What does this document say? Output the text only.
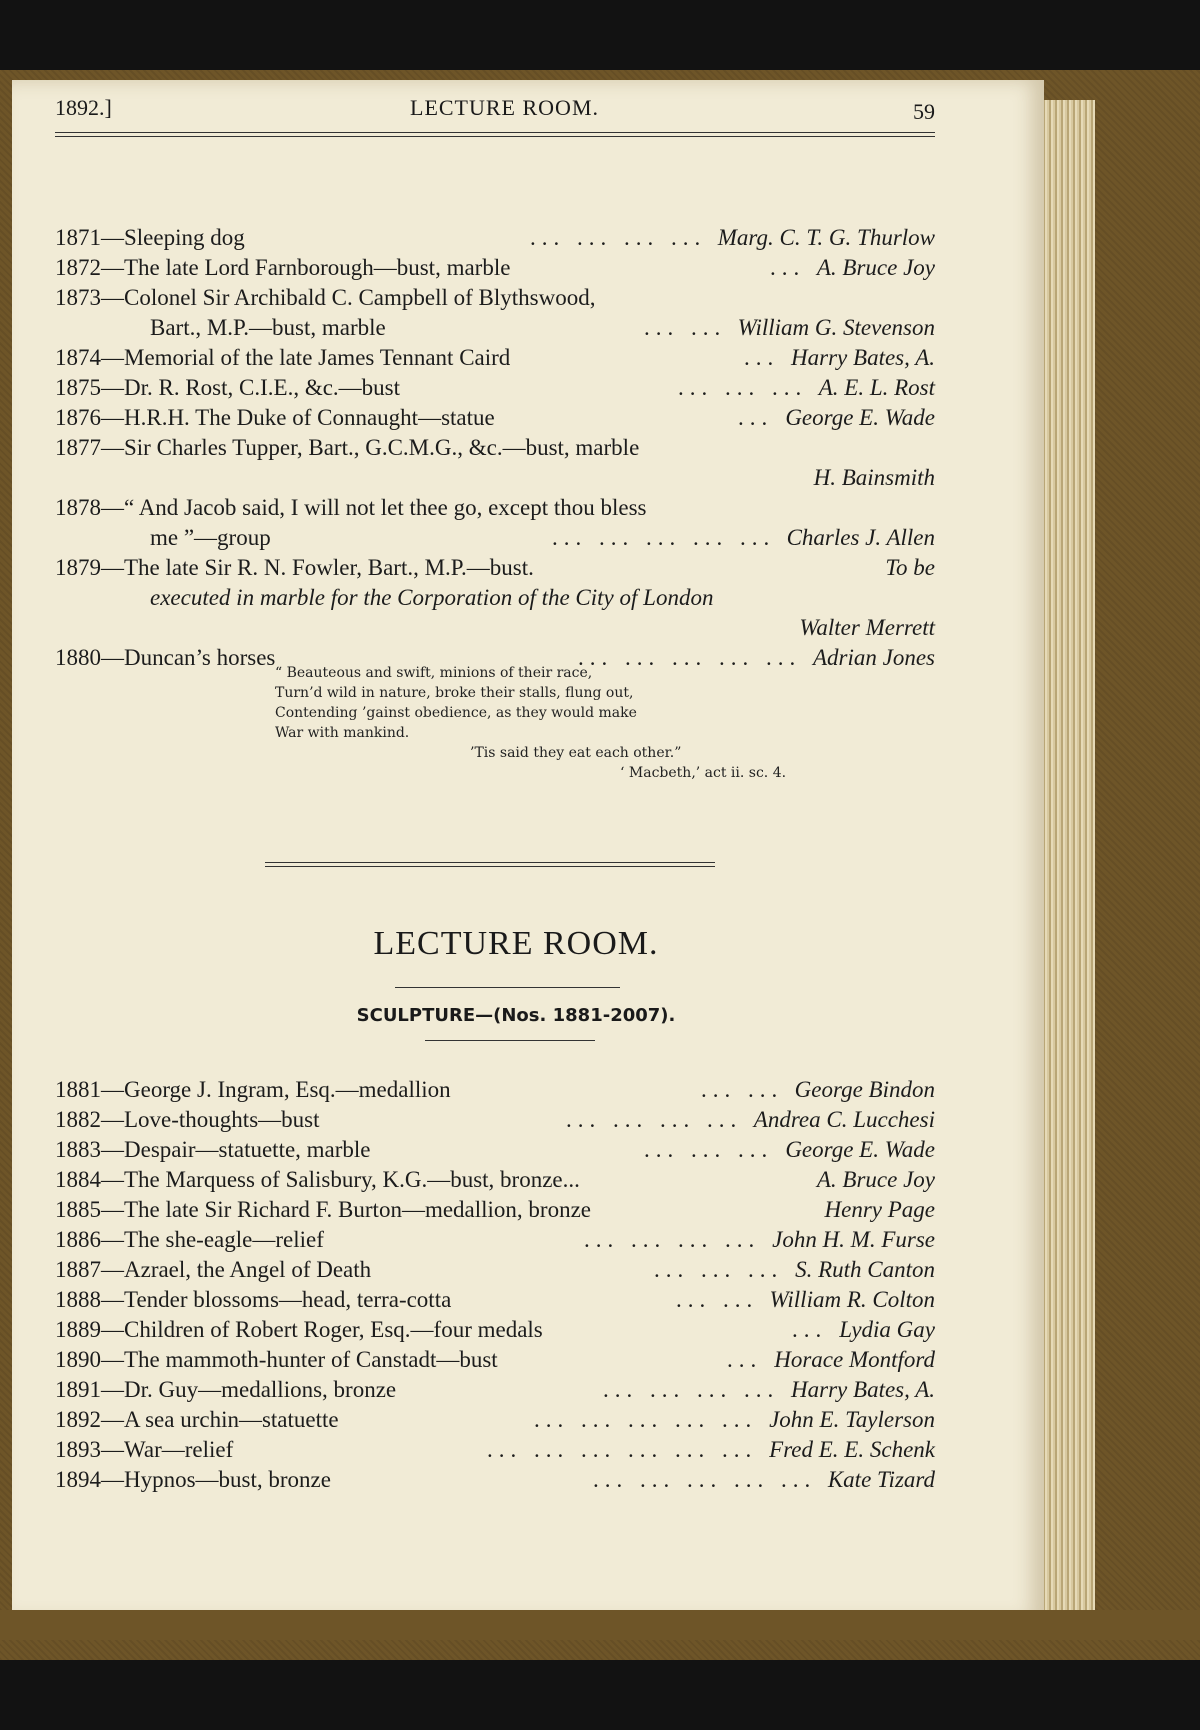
1892.]	LECTURE ROOM.	59
1871—Sleeping dog	... ... ... ... Marg. C. T. G. Thurlow
1872—The late Lord Farnborough—bust, marble	... A. Bruce Joy
1873—Colonel Sir Archibald C. Campbell of Blythswood,
Bart., M.P.—bust, marble	... ... William G. Stevenson
1874—Memorial of the late James Tennant Caird	... Harry Bates, A.
1875—Dr. R. Rost, C.I.E., &c.—bust	... ... ... A. E. L. Rost
1876—H.R.H. The Duke of Connaught—statue	... George E. Wade
1877—Sir Charles Tupper, Bart., G.C.M.G., &c.—bust, marble
H. Bainsmith
1878—“ And Jacob said, I will not let thee go, except thou bless
me ”—group	... ... ... ... ... Charles J. Allen
1879—The late Sir R. N. Fowler, Bart., M.P.—bust.	To be
executed in marble for the Corporation of the City of London
Walter Merrett
1880—Duncan’s horses	... ... ... ... ... Adrian Jones
“ Beauteous and swift, minions of their race,
Turn’d wild in nature, broke their stalls, flung out,
Contending ’gainst obedience, as they would make
War with mankind.
’Tis said they eat each other.”
‘ Macbeth,’ act ii. sc. 4.
LECTURE ROOM.
SCULPTURE—(Nos. 1881-2007).
1881—George J. Ingram, Esq.—medallion	... ... George Bindon
1882—Love-thoughts—bust	... ... ... ... Andrea C. Lucchesi
1883—Despair—statuette, marble	... ... ... George E. Wade
1884—The Marquess of Salisbury, K.G.—bust, bronze...	A. Bruce Joy
1885—The late Sir Richard F. Burton—medallion, bronze	Henry Page
1886—The she-eagle—relief	... ... ... ... John H. M. Furse
1887—Azrael, the Angel of Death	... ... ... S. Ruth Canton
1888—Tender blossoms—head, terra-cotta	... ... William R. Colton
1889—Children of Robert Roger, Esq.—four medals	... Lydia Gay
1890—The mammoth-hunter of Canstadt—bust	... Horace Montford
1891—Dr. Guy—medallions, bronze	... ... ... ... Harry Bates, A.
1892—A sea urchin—statuette	... ... ... ... ... John E. Taylerson
1893—War—relief	... ... ... ... ... ... Fred E. E. Schenk
1894—Hypnos—bust, bronze	... ... ... ... ... Kate Tizard
